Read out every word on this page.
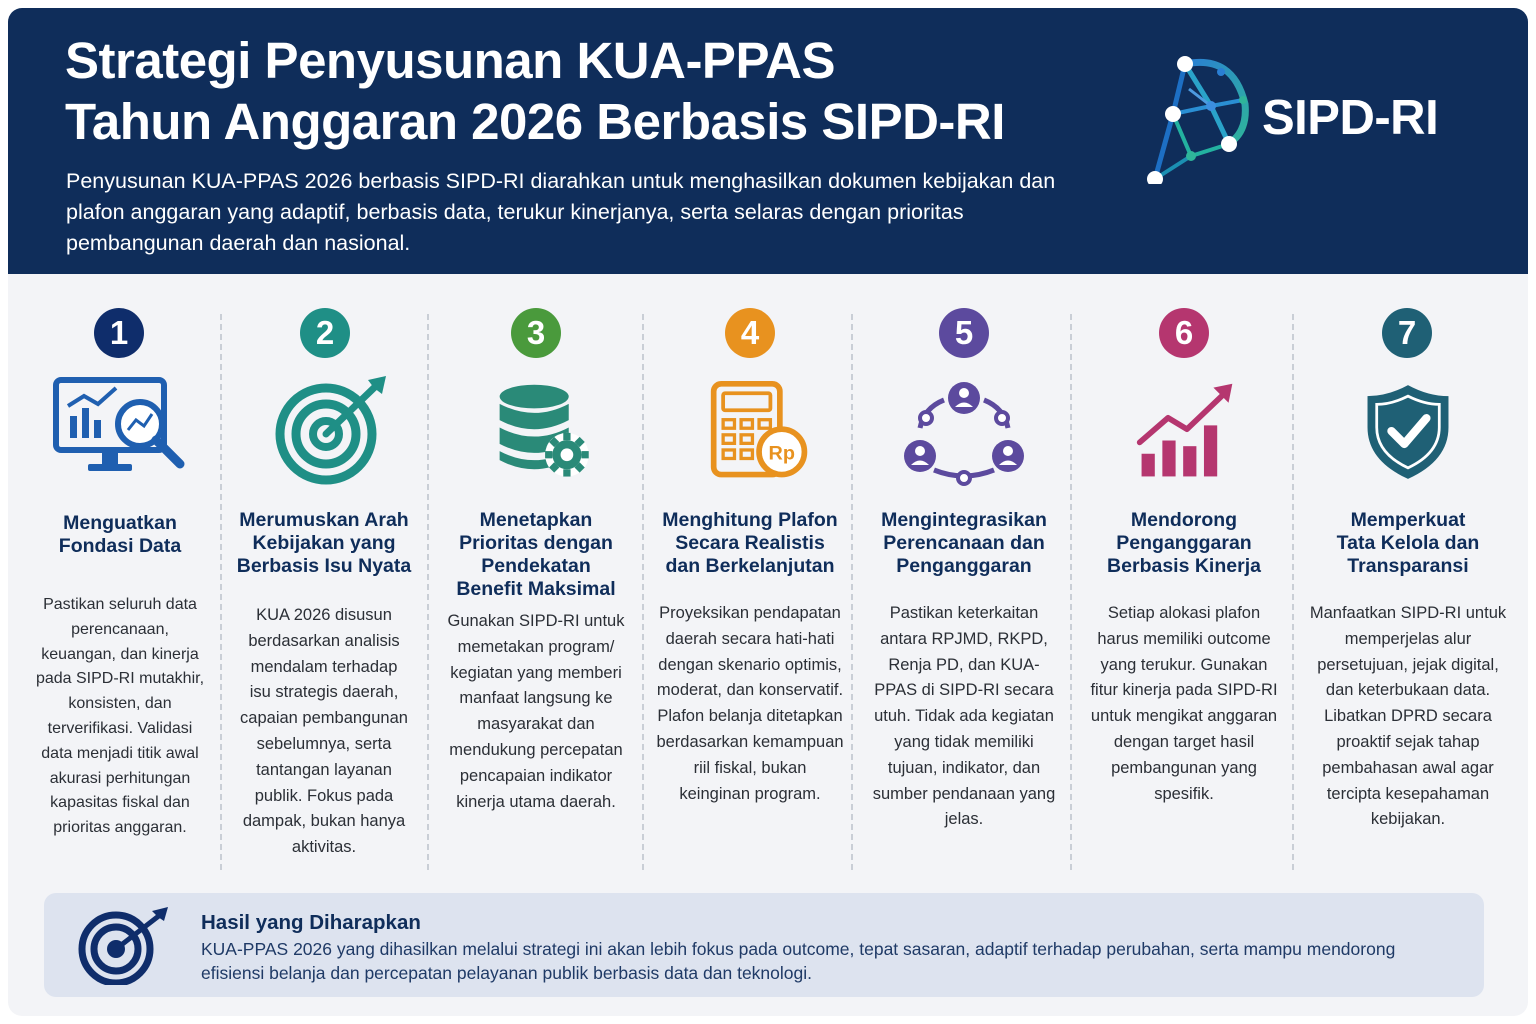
Strategi Penyusunan KUA-PPAS
Tahun Anggaran 2026 Berbasis SIPD-RI

Penyusunan KUA-PPAS 2026 berbasis SIPD-RI diarahkan untuk menghasilkan dokumen kebijakan dan plafon anggaran yang adaptif, berbasis data, terukur kinerjanya, serta selaras dengan prioritas pembangunan daerah dan nasional.

SIPD-RI
1
Menguatkan Fondasi Data

Pastikan seluruh data perencanaan, keuangan, dan kinerja pada SIPD-RI mutakhir, konsisten, dan terverifikasi. Validasi data menjadi titik awal akurasi perhitungan kapasitas fiskal dan prioritas anggaran.

2
Merumuskan Arah Kebijakan yang Berbasis Isu Nyata

KUA 2026 disusun berdasarkan analisis mendalam terhadap isu strategis daerah, capaian pembangunan sebelumnya, serta tantangan layanan publik. Fokus pada dampak, bukan hanya aktivitas.

3
Menetapkan Prioritas dengan Pendekatan Benefit Maksimal

Gunakan SIPD-RI untuk memetakan program/ kegiatan yang memberi manfaat langsung ke masyarakat dan mendukung percepatan pencapaian indikator kinerja utama daerah.

4
Rp
Menghitung Plafon Secara Realistis dan Berkelanjutan

Proyeksikan pendapatan daerah secara hati-hati dengan skenario optimis, moderat, dan konservatif. Plafon belanja ditetapkan berdasarkan kemampuan riil fiskal, bukan keinginan program.

5
Mengintegrasikan Perencanaan dan Penganggaran

Pastikan keterkaitan antara RPJMD, RKPD, Renja PD, dan KUA-PPAS di SIPD-RI secara utuh. Tidak ada kegiatan yang tidak memiliki tujuan, indikator, dan sumber pendanaan yang jelas.

6
Mendorong Penganggaran Berbasis Kinerja

Setiap alokasi plafon harus memiliki outcome yang terukur. Gunakan fitur kinerja pada SIPD-RI untuk mengikat anggaran dengan target hasil pembangunan yang spesifik.

7
Memperkuat Tata Kelola dan Transparansi

Manfaatkan SIPD-RI untuk memperjelas alur persetujuan, jejak digital, dan keterbukaan data. Libatkan DPRD secara proaktif sejak tahap pembahasan awal agar tercipta kesepahaman kebijakan.

Hasil yang Diharapkan

KUA-PPAS 2026 yang dihasilkan melalui strategi ini akan lebih fokus pada outcome, tepat sasaran, adaptif terhadap perubahan, serta mampu mendorong efisiensi belanja dan percepatan pelayanan publik berbasis data dan teknologi.
